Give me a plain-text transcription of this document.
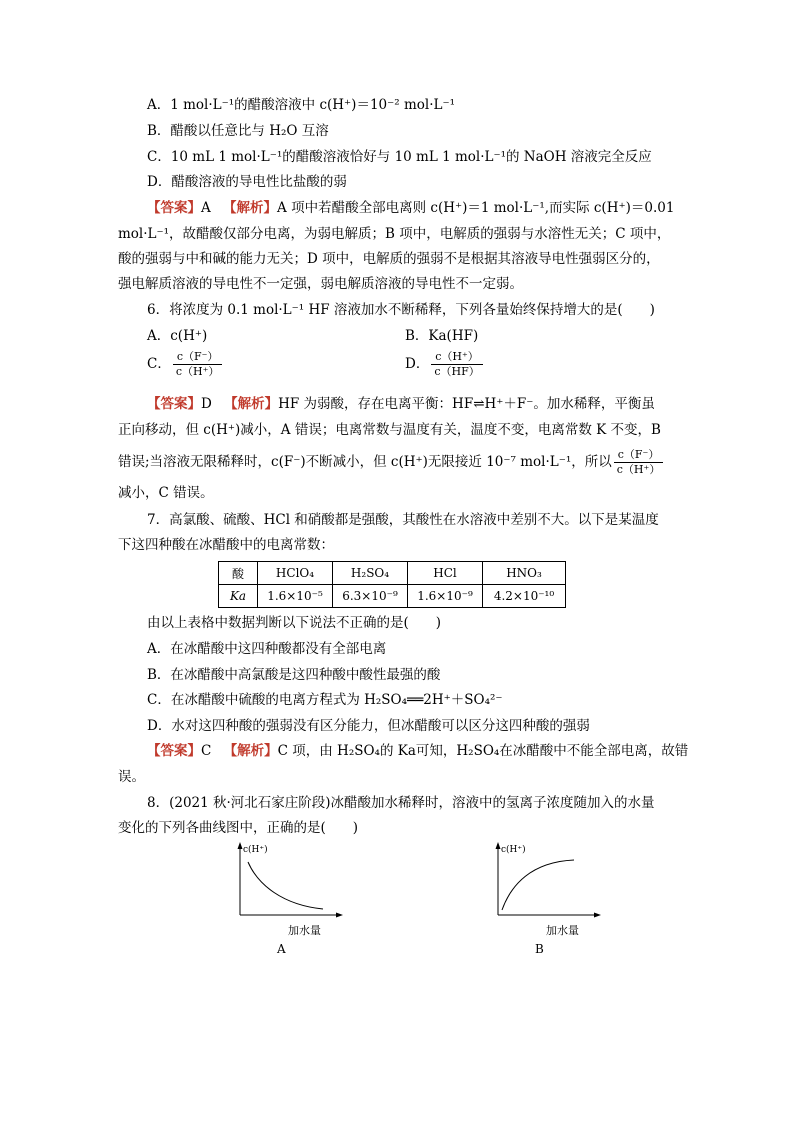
A．1 mol·L⁻¹的醋酸溶液中 c(H⁺)＝10⁻² mol·L⁻¹
B．醋酸以任意比与 H₂O 互溶
C．10 mL 1 mol·L⁻¹的醋酸溶液恰好与 10 mL 1 mol·L⁻¹的 NaOH 溶液完全反应
D．醋酸溶液的导电性比盐酸的弱
【答案】A 【解析】A 项中若醋酸全部电离则 c(H⁺)＝1 mol·L⁻¹,而实际 c(H⁺)＝0.01
mol·L⁻¹，故醋酸仅部分电离，为弱电解质；B 项中，电解质的强弱与水溶性无关；C 项中，
酸的强弱与中和碱的能力无关；D 项中，电解质的强弱不是根据其溶液导电性强弱区分的，
强电解质溶液的导电性不一定强，弱电解质溶液的导电性不一定弱。
6．将浓度为 0.1 mol·L⁻¹ HF 溶液加水不断稀释，下列各量始终保持增大的是(　　)
A．c(H⁺)	B．Ka(HF)
C． $\frac{c(F^-)}{c(H^+)}$	D． $\frac{c(H^+)}{c(HF)}$
【答案】D 【解析】HF 为弱酸，存在电离平衡：HF⇌H⁺＋F⁻。加水稀释，平衡虽
正向移动，但 c(H⁺)减小，A 错误；电离常数与温度有关，温度不变，电离常数 K 不变，B
错误;当溶液无限稀释时，c(F⁻)不断减小，但 c(H⁺)无限接近 10⁻⁷ mol·L⁻¹，所以 $\frac{c(F^-)}{c(H^+)}$
减小，C 错误。
7．高氯酸、硫酸、HCl 和硝酸都是强酸，其酸性在水溶液中差别不大。以下是某温度
下这四种酸在冰醋酸中的电离常数：
酸	HClO₄	H₂SO₄	HCl	HNO₃
Ka	1.6×10⁻⁵	6.3×10⁻⁹	1.6×10⁻⁹	4.2×10⁻¹⁰
由以上表格中数据判断以下说法不正确的是(　　)
A．在冰醋酸中这四种酸都没有全部电离
B．在冰醋酸中高氯酸是这四种酸中酸性最强的酸
C．在冰醋酸中硫酸的电离方程式为 H₂SO₄══2H⁺＋SO₄²⁻
D．水对这四种酸的强弱没有区分能力，但冰醋酸可以区分这四种酸的强弱
【答案】C 【解析】C 项，由 H₂SO₄的 Ka可知，H₂SO₄在冰醋酸中不能全部电离，故错
误。
8．(2021 秋·河北石家庄阶段)冰醋酸加水稀释时，溶液中的氢离子浓度随加入的水量
变化的下列各曲线图中，正确的是(　　)
c(H⁺)
加水量
A
c(H⁺)
加水量
B
